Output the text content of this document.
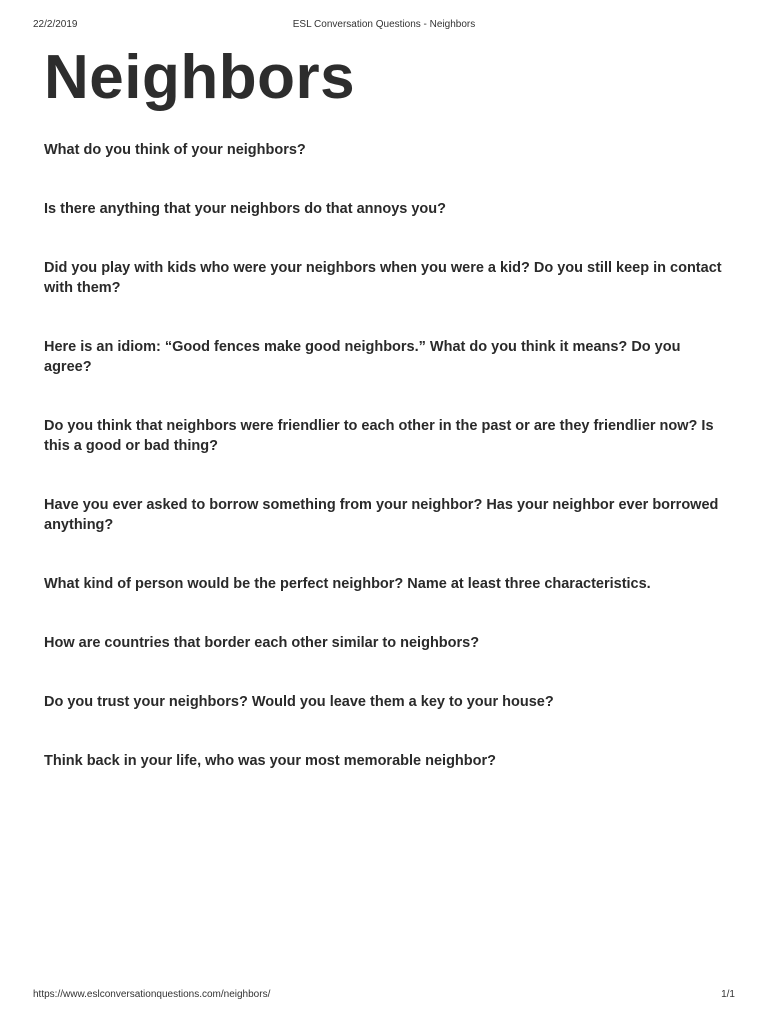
22/2/2019	ESL Conversation Questions - Neighbors
Neighbors
What do you think of your neighbors?
Is there anything that your neighbors do that annoys you?
Did you play with kids who were your neighbors when you were a kid? Do you still keep in contact with them?
Here is an idiom: “Good fences make good neighbors.” What do you think it means? Do you agree?
Do you think that neighbors were friendlier to each other in the past or are they friendlier now? Is this a good or bad thing?
Have you ever asked to borrow something from your neighbor? Has your neighbor ever borrowed anything?
What kind of person would be the perfect neighbor? Name at least three characteristics.
How are countries that border each other similar to neighbors?
Do you trust your neighbors? Would you leave them a key to your house?
Think back in your life, who was your most memorable neighbor?
https://www.eslconversationquestions.com/neighbors/	1/1
